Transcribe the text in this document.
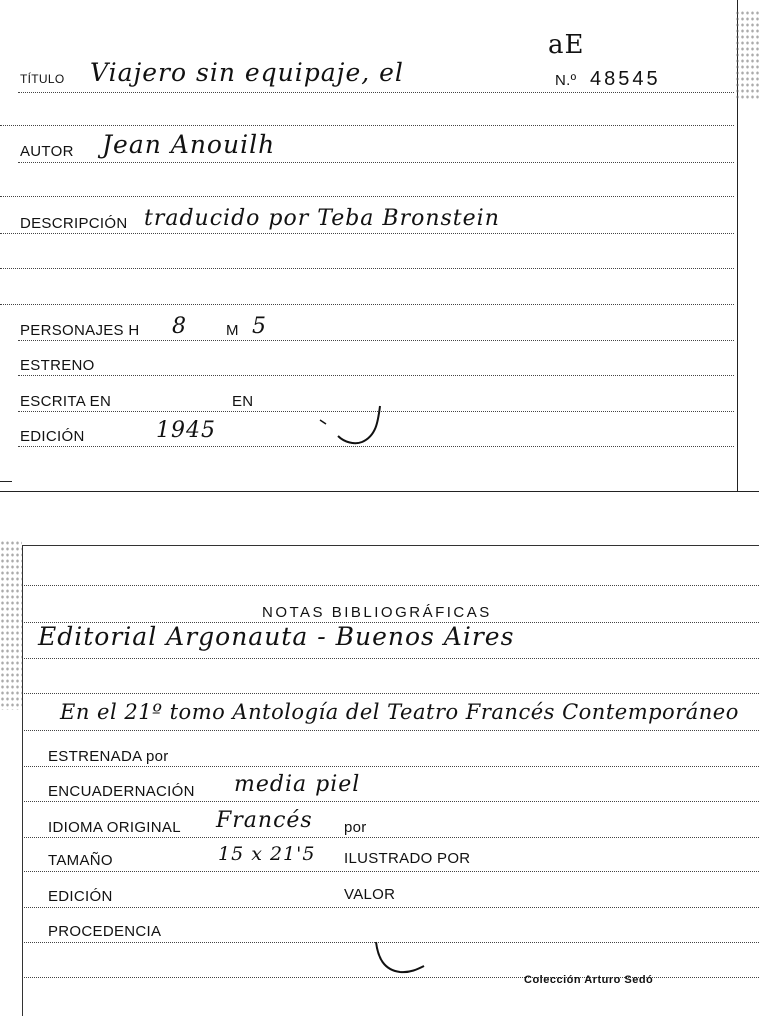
aE
TÍTULO Viajero sin equipaje, el	N.º 48545
AUTOR Jean Anouilh
DESCRIPCIÓN traducido por Teba Bronstein
PERSONAJES H 8	M 5
ESTRENO
ESCRITA EN	EN
EDICIÓN	1945
NOTAS BIBLIOGRÁFICAS
Editorial Argonauta - Buenos Aires
En el 21º tomo Antología del Teatro Francés Contemporáneo
ESTRENADA por
ENCUADERNACIÓN media piel
IDIOMA ORIGINAL Francés por
TAMAÑO	15 x 21'5 ILUSTRADO POR
EDICIÓN	VALOR
PROCEDENCIA
Colección Arturo Sedó
